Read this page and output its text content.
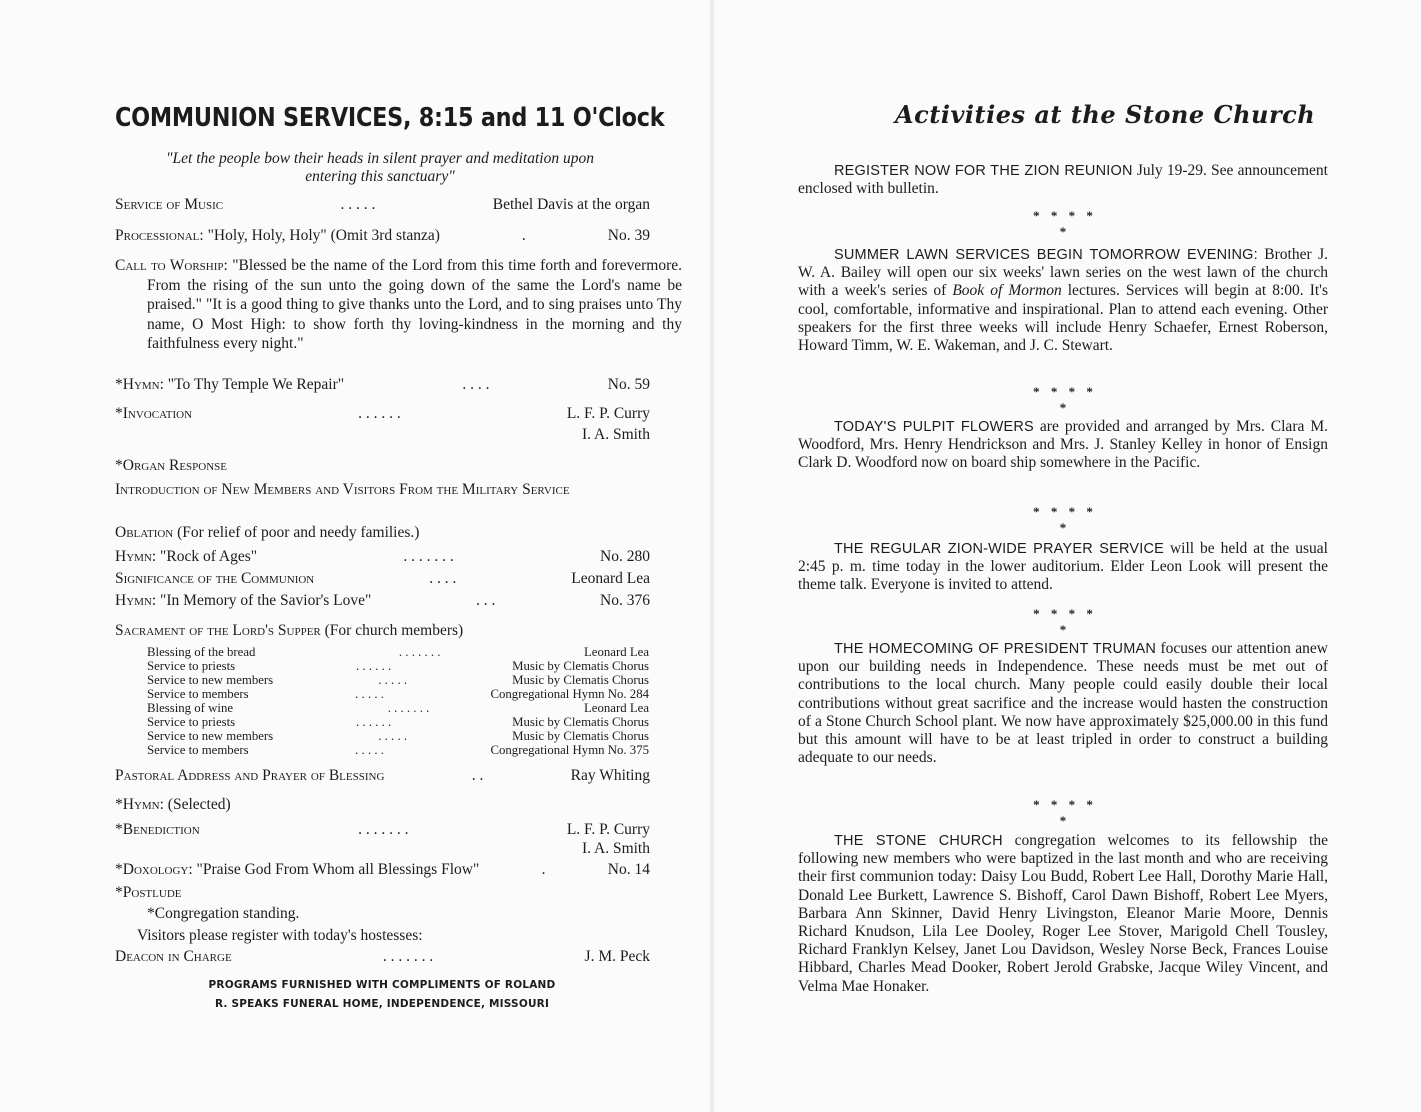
COMMUNION SERVICES, 8:15 and 11 O'Clock

"Let the people bow their heads in silent prayer and meditation upon entering this sanctuary"

Service of Music	. . . . .	Bethel Davis at the organ
Processional: "Holy, Holy, Holy" (Omit 3rd stanza)	.	No. 39

Call to Worship: "Blessed be the name of the Lord from this time forth and forevermore. From the rising of the sun unto the going down of the same the Lord's name be praised." "It is a good thing to give thanks unto the Lord, and to sing praises unto Thy name, O Most High: to show forth thy loving-kindness in the morning and thy faithfulness every night."

*Hymn: "To Thy Temple We Repair"	. . . .	No. 59
*Invocation	. . . . . .	L. F. P. Curry
I. A. Smith
*Organ Response

Introduction of New Members and Visitors From the Military Service

Oblation (For relief of poor and needy families.)
Hymn: "Rock of Ages"	. . . . . . .	No. 280
Significance of the Communion	. . . .	Leonard Lea
Hymn: "In Memory of the Savior's Love"	. . .	No. 376
Sacrament of the Lord's Supper (For church members)
Blessing of the bread	. . . . . . .	Leonard Lea
Service to priests	. . . . . .	Music by Clematis Chorus
Service to new members	. . . . .	Music by Clematis Chorus
Service to members	. . . . .	Congregational Hymn No. 284
Blessing of wine	. . . . . . .	Leonard Lea
Service to priests	. . . . . .	Music by Clematis Chorus
Service to new members	. . . . .	Music by Clematis Chorus
Service to members	. . . . .	Congregational Hymn No. 375
Pastoral Address and Prayer of Blessing	. .	Ray Whiting
*Hymn: (Selected)
*Benediction	. . . . . . .	L. F. P. Curry
I. A. Smith
*Doxology: "Praise God From Whom all Blessings Flow"	.	No. 14
*Postlude
*Congregation standing.
Visitors please register with today's hostesses:
Deacon in Charge	. . . . . . .	J. M. Peck
PROGRAMS FURNISHED WITH COMPLIMENTS OF ROLAND
R. SPEAKS FUNERAL HOME, INDEPENDENCE, MISSOURI
Activities at the Stone Church

REGISTER NOW FOR THE ZION REUNION July 19-29. See announcement enclosed with bulletin.

* * * * *

SUMMER LAWN SERVICES BEGIN TOMORROW EVENING: Brother J. W. A. Bailey will open our six weeks' lawn series on the west lawn of the church with a week's series of Book of Mormon lectures. Services will begin at 8:00. It's cool, comfortable, informative and inspirational. Plan to attend each evening. Other speakers for the first three weeks will include Henry Schaefer, Ernest Roberson, Howard Timm, W. E. Wakeman, and J. C. Stewart.

* * * * *

TODAY'S PULPIT FLOWERS are provided and arranged by Mrs. Clara M. Woodford, Mrs. Henry Hendrickson and Mrs. J. Stanley Kelley in honor of Ensign Clark D. Woodford now on board ship somewhere in the Pacific.

* * * * *

THE REGULAR ZION-WIDE PRAYER SERVICE will be held at the usual 2:45 p. m. time today in the lower auditorium. Elder Leon Look will present the theme talk. Everyone is invited to attend.

* * * * *

THE HOMECOMING OF PRESIDENT TRUMAN focuses our attention anew upon our building needs in Independence. These needs must be met out of contributions to the local church. Many people could easily double their local contributions without great sacrifice and the increase would hasten the construction of a Stone Church School plant. We now have approximately $25,000.00 in this fund but this amount will have to be at least tripled in order to construct a building adequate to our needs.

* * * * *

THE STONE CHURCH congregation welcomes to its fellowship the following new members who were baptized in the last month and who are receiving their first communion today: Daisy Lou Budd, Robert Lee Hall, Dorothy Marie Hall, Donald Lee Burkett, Lawrence S. Bishoff, Carol Dawn Bishoff, Robert Lee Myers, Barbara Ann Skinner, David Henry Livingston, Eleanor Marie Moore, Dennis Richard Knudson, Lila Lee Dooley, Roger Lee Stover, Marigold Chell Tousley, Richard Franklyn Kelsey, Janet Lou Davidson, Wesley Norse Beck, Frances Louise Hibbard, Charles Mead Dooker, Robert Jerold Grabske, Jacque Wiley Vincent, and Velma Mae Honaker.
